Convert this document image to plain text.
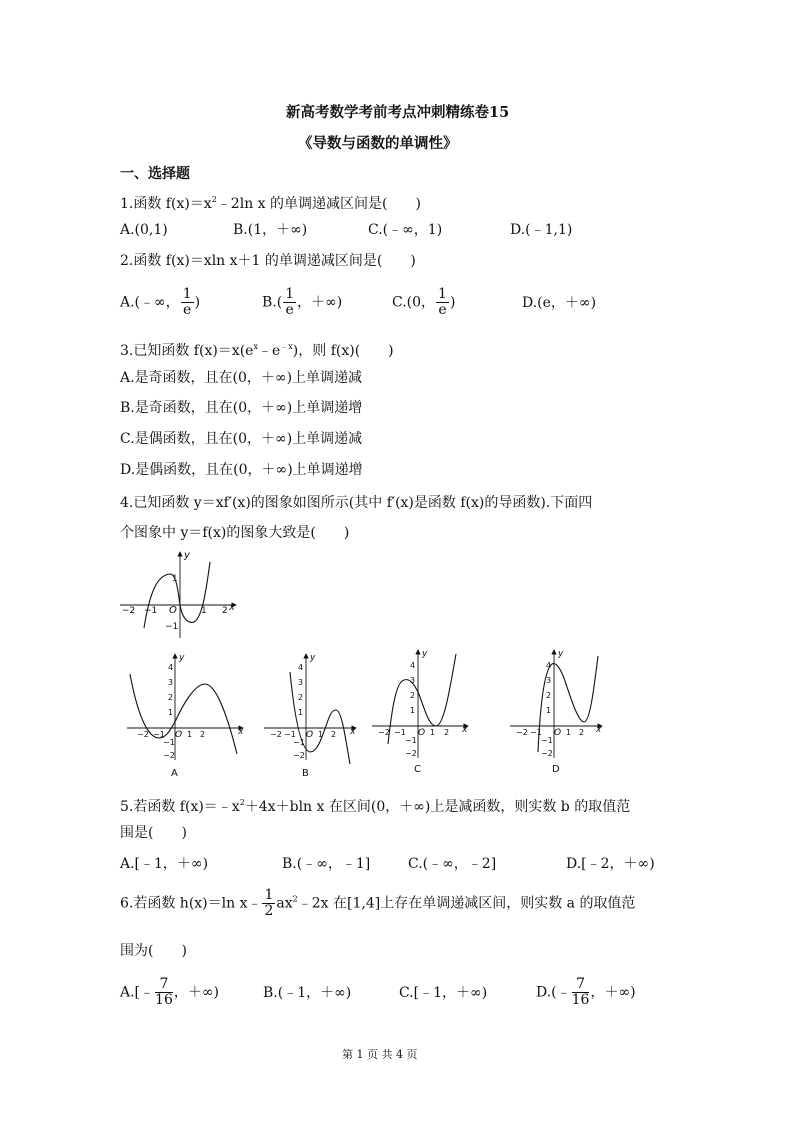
新高考数学考前考点冲刺精练卷15
《导数与函数的单调性》
一、选择题
1.函数 $f(x)=x^2﹣2\ln$ x 的单调递减区间是(　　)
A.(0,1)	B.(1，＋∞)	C.(﹣∞，1)	D.(﹣1,1)
2.函数 f(x)＝xln x＋1 的单调递减区间是(　　)
A.(﹣∞， $\frac{1}{e}$ )	$B.( \frac{1}{e}$ ，＋∞)	C.(0， $\frac{1}{e}$ )	D.(e，＋∞)
3.已知函数 $f(x)=x(e^x﹣e^{﹣x})$，则 f(x)(　　)
A.是奇函数，且在(0，＋∞)上单调递减
B.是奇函数，且在(0，＋∞)上单调递增
C.是偶函数，且在(0，＋∞)上单调递减
D.是偶函数，且在(0，＋∞)上单调递增
4.已知函数 y＝xf′(x)的图象如图所示(其中 f′(x)是函数 f(x)的导函数).下面四
个图象中 y＝f(x)的图象大致是(　　)
y
x
O
−2 −1	1 2
1
−1
y
x
O
−2 −1	1 2
4
3
2
1
−1
−2
A
y
x
O
−2 −1	1 2
4
3
2
1
−1
−2
B
y
x
O
−2 −1	1 2
4
3
2
1
−1
−2
C
y
x
O
−2 −1	1 2
4
3
2
1
−1
−2
D
5.若函数 $f(x)=﹣x^2+4x+bln$ x 在区间(0，＋∞)上是减函数，则实数 b 的取值范
围是(　　)
A.[﹣1，＋∞)	B.(﹣∞，﹣1]	C.(﹣∞，﹣2]	D.[﹣2，＋∞)
6.若函数 h(x)＝ln x﹣ $\frac{1}{2}$ $ax^2﹣2x$ 在[1,4]上存在单调递减区间，则实数 a 的取值范
围为(　　)
A.[﹣ $\frac{7}{16}$ ，＋∞)	B.(﹣1，＋∞)	C.[﹣1，＋∞)	D.(﹣ $\frac{7}{16}$ ，＋∞)
第 1 页 共 4 页
